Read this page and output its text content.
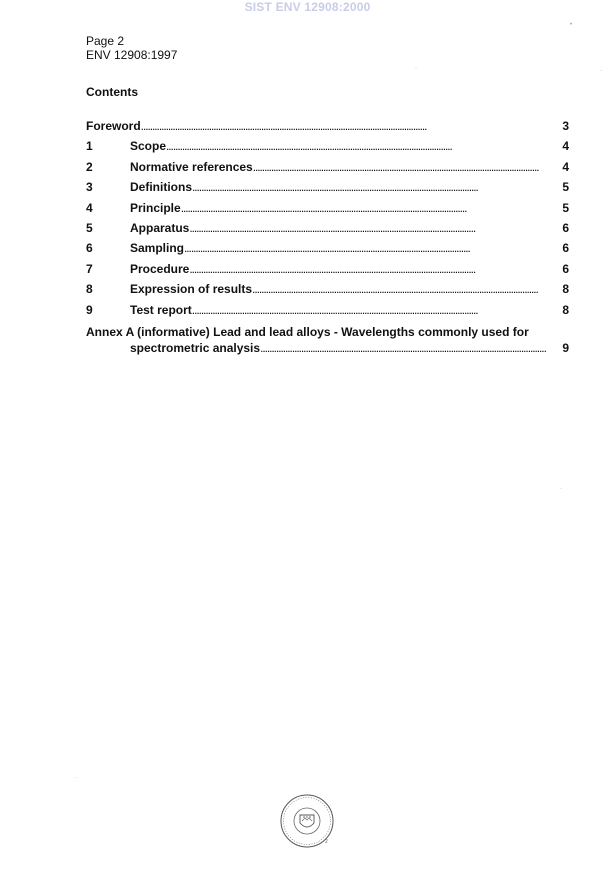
SIST ENV 12908:2000
Page 2
ENV 12908:1997
Contents
Foreword . . .	3
1	Scope . . .	4
2	Normative references . . .	4
3	Definitions . . .	5
4	Principle . . .	5
5	Apparatus . . .	6
6	Sampling . . .	6
7	Procedure . . .	6
8	Expression of results . . .	8
9	Test report . . .	8
Annex A (informative) Lead and lead alloys - Wavelengths commonly used for
spectrometric analysis . . .	9
•
·
·
·
·
2
